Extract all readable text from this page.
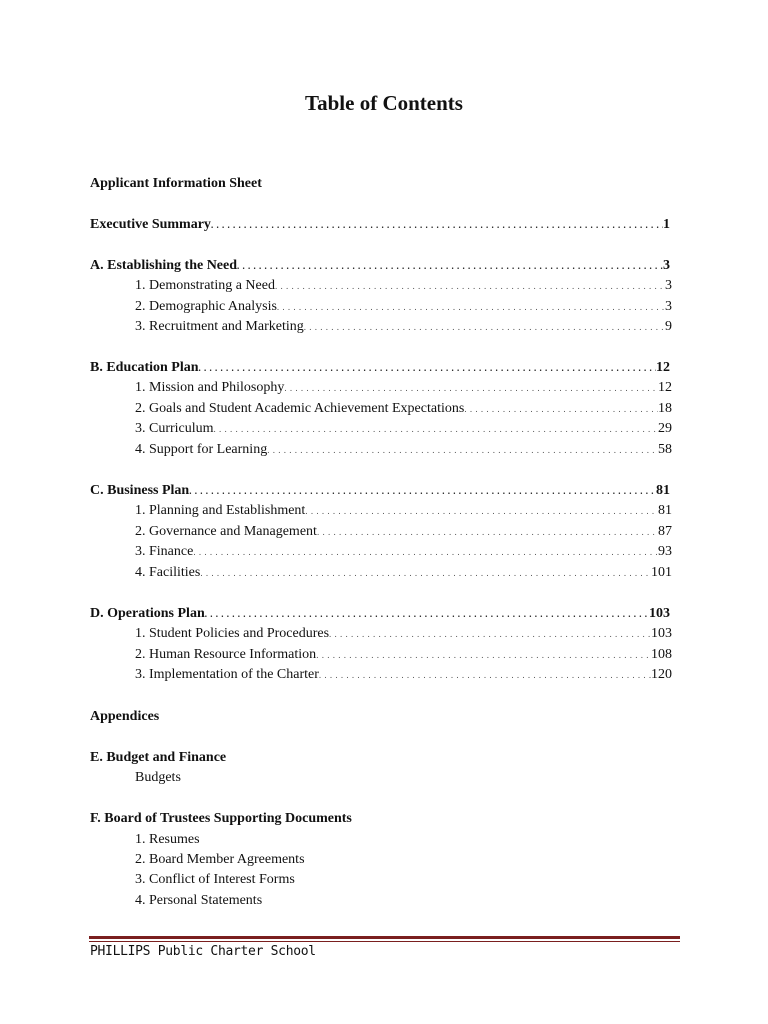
Table of Contents
Applicant Information Sheet
Executive Summary . . .	1
A. Establishing the Need . . .	3
1. Demonstrating a Need . . .	3
2. Demographic Analysis . . .	3
3. Recruitment and Marketing . . .	9
B. Education Plan . . .	12
1. Mission and Philosophy . . .	12
2. Goals and Student Academic Achievement Expectations . . .	18
3. Curriculum . . .	29
4. Support for Learning . . .	58
C. Business Plan . . .	81
1. Planning and Establishment . . .	81
2. Governance and Management . . .	87
3. Finance . . .	93
4. Facilities . . .	101
D. Operations Plan . . .	103
1. Student Policies and Procedures . . .	103
2. Human Resource Information . . .	108
3. Implementation of the Charter . . .	120
Appendices
E. Budget and Finance
Budgets
F. Board of Trustees Supporting Documents
1. Resumes
2. Board Member Agreements
3. Conflict of Interest Forms
4. Personal Statements
PHILLIPS Public Charter School
